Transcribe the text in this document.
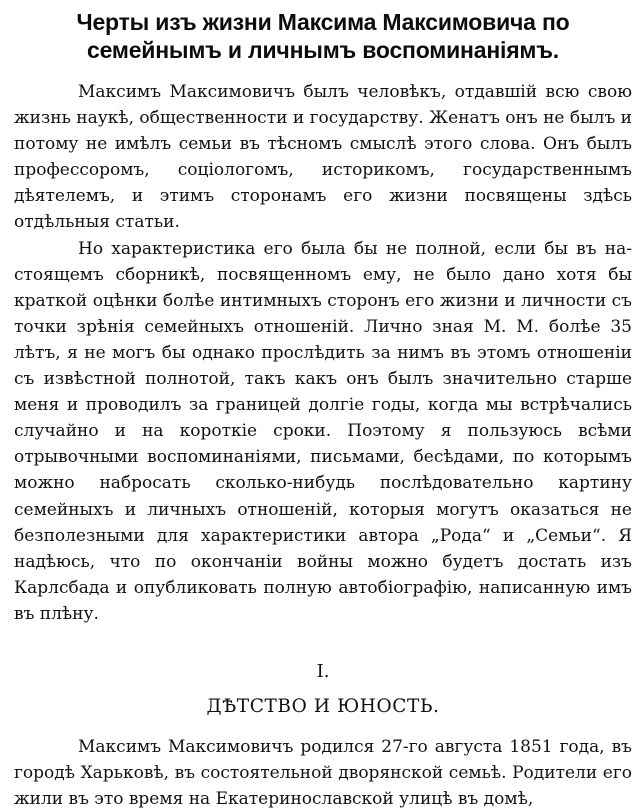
Черты изъ жизни Максима Максимовича по
семейнымъ и личнымъ воспоминаніямъ.

Максимъ Максимовичъ былъ человѣкъ, отдавшій всю свою жизнь наукѣ, общественности и государству. Женатъ онъ не былъ и потому не имѣлъ семьи въ тѣсномъ смыслѣ этого слова. Онъ былъ профессоромъ, соціологомъ, историкомъ, государственнымъ дѣятелемъ, и этимъ сторонамъ его жизни посвящены здѣсь отдѣльныя статьи.

Но характеристика его была бы не полной, если бы въ настоящемъ сборникѣ, посвященномъ ему, не было дано хотя бы краткой оцѣнки болѣе интимныхъ сторонъ его жизни и личности съ точки зрѣнія семейныхъ отношеній. Лично зная М. М. болѣе 35 лѣтъ, я не могъ бы однако прослѣдить за нимъ въ этомъ отношеніи съ извѣстной полнотой, такъ какъ онъ былъ значительно старше меня и проводилъ за границей долгіе годы, когда мы встрѣчались случайно и на короткіе сроки. Поэтому я пользуюсь всѣми отрывочными воспоминаніями, письмами, бесѣдами, по которымъ можно набросать сколько-нибудь послѣдовательно картину семейныхъ и личныхъ отношеній, которыя могутъ оказаться не безполезными для характеристики автора „Рода“ и „Семьи“. Я надѣюсь, что по окончаніи войны можно будетъ достать изъ Карлсбада и опубликовать полную автобіографію, написанную имъ въ плѣну.

I.
ДѢТСТВО И ЮНОСТЬ.

Максимъ Максимовичъ родился 27-го августа 1851 года, въ городѣ Харьковѣ, въ состоятельной дворянской семьѣ. Родители его жили въ это время на Екатеринославской улицѣ въ домѣ,
